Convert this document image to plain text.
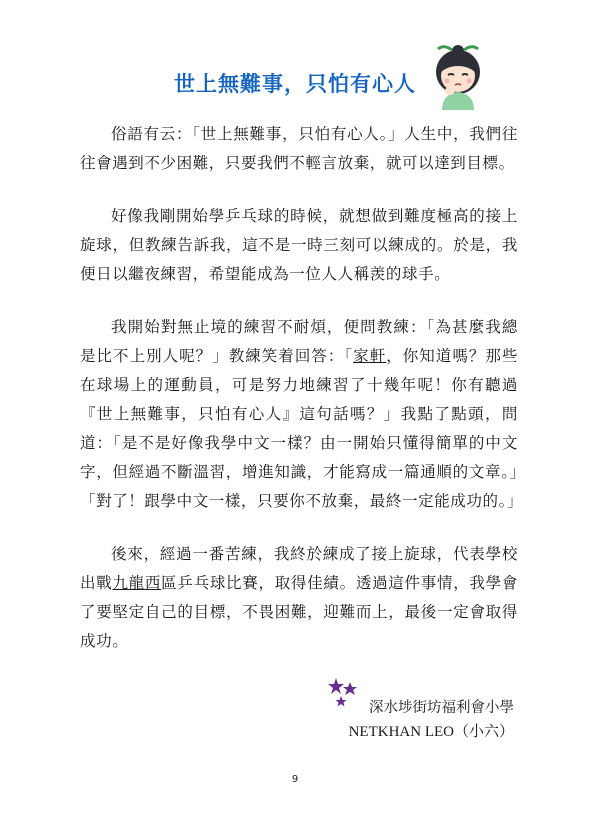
世上無難事，只怕有心人

俗語有云：「世上無難事，只怕有心人。」人生中，我們往往會遇到不少困難，只要我們不輕言放棄，就可以達到目標。

好像我剛開始學乒乓球的時候，就想做到難度極高的接上旋球，但教練告訴我，這不是一時三刻可以練成的。於是，我便日以繼夜練習，希望能成為一位人人稱羡的球手。

我開始對無止境的練習不耐煩，便問教練：「為甚麼我總是比不上別人呢？」教練笑着回答：「家軒，你知道嗎？那些在球場上的運動員，可是努力地練習了十幾年呢！你有聽過『世上無難事，只怕有心人』這句話嗎？」我點了點頭，問道：「是不是好像我學中文一樣？由一開始只懂得簡單的中文字，但經過不斷溫習，增進知識，才能寫成一篇通順的文章。」「對了！跟學中文一樣，只要你不放棄，最終一定能成功的。」

後來，經過一番苦練，我終於練成了接上旋球，代表學校出戰九龍西區乒乓球比賽，取得佳績。透過這件事情，我學會了要堅定自己的目標，不畏困難，迎難而上，最後一定會取得成功。

深水埗街坊福利會小學
NETKHAN LEO（小六）
9
